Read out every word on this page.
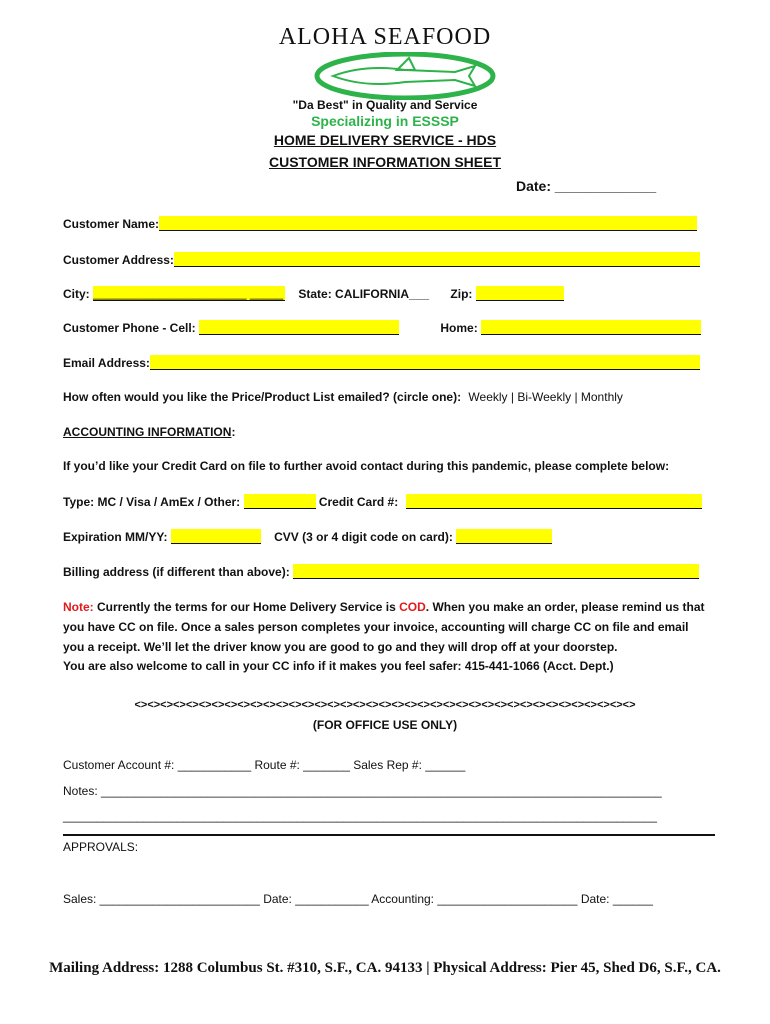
ALOHA SEAFOOD
"Da Best" in Quality and Service
Specializing in ESSSP
HOME DELIVERY SERVICE - HDS
CUSTOMER INFORMATION SHEET
Date: _____________
Customer Name:
Customer Address:
City: _______________________ _____ State: CALIFORNIA___ Zip:
Customer Phone - Cell:	Home:
Email Address:
How often would you like the Price/Product List emailed? (circle one): Weekly | Bi-Weekly | Monthly
ACCOUNTING INFORMATION:
If you’d like your Credit Card on file to further avoid contact during this pandemic, please complete below:
Type: MC / Visa / AmEx / Other:	Credit Card #:
Expiration MM/YY:	CVV (3 or 4 digit code on card):
Billing address (if different than above):
Note: Currently the terms for our Home Delivery Service is COD. When you make an order, please remind us that you have CC on file. Once a sales person completes your invoice, accounting will charge CC on file and email you a receipt. We’ll let the driver know you are good to go and they will drop off at your doorstep.
You are also welcome to call in your CC info if it makes you feel safer: 415-441-1066 (Acct. Dept.)
<><><><><><><><><><><><><><><><><><><><><><><><><><><><><><><><><><><><><><><>
(FOR OFFICE USE ONLY)
Customer Account #: ___________ Route #: _______ Sales Rep #: ______
Notes: ____________________________________________________________________________________
_________________________________________________________________________________________
APPROVALS:
Sales: ________________________ Date: ___________ Accounting: _____________________ Date: ______
Mailing Address: 1288 Columbus St. #310, S.F., CA. 94133 | Physical Address: Pier 45, Shed D6, S.F., CA.
